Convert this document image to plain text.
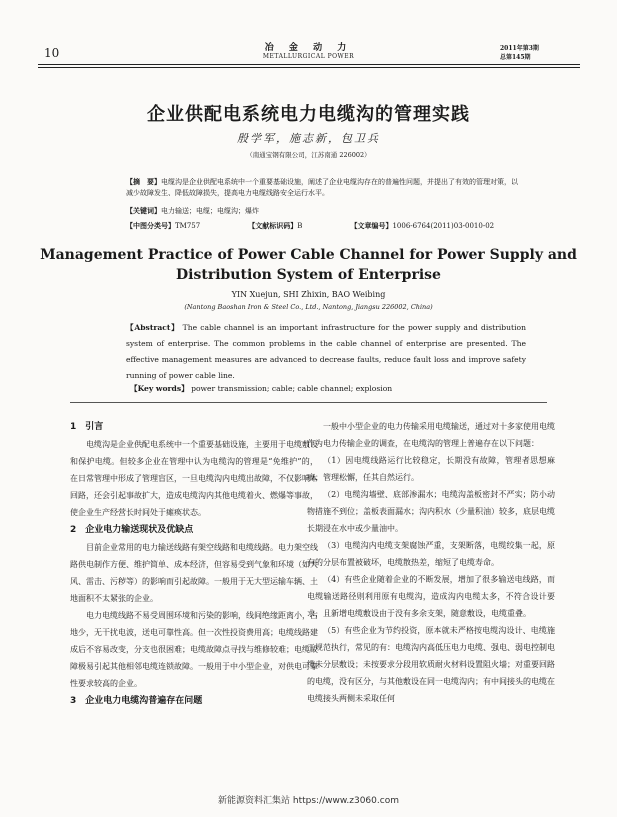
10	冶 金 动 力
METALLURGICAL POWER
2011年第3期
总第145期
企业供配电系统电力电缆沟的管理实践
殷学军，施志新，包卫兵
（南通宝钢有限公司，江苏南通 226002）
【摘　要】电缆沟是企业供配电系统中一个重要基础设施，阐述了企业电缆沟存在的普遍性问题，并提出了有效的管理对策，以减少故障发生、降低故障损失，提高电力电缆线路安全运行水平。
【关键词】电力输送；电缆；电缆沟；爆炸
【中图分类号】TM757	【文献标识码】B	【文章编号】1006-6764(2011)03-0010-02
Management Practice of Power Cable Channel for Power Supply and Distribution System of Enterprise
YIN Xuejun, SHI Zhixin, BAO Weibing
(Nantong Baoshan Iron & Steel Co., Ltd., Nantong, Jiangsu 226002, China)
【Abstract】 The cable channel is an important infrastructure for the power supply and distribution system of enterprise. The common problems in the cable channel of enterprise are presented. The effective management measures are advanced to decrease faults, reduce fault loss and improve safety running of power cable line.
【Key words】 power transmission; cable; cable channel; explosion
1　引言

电缆沟是企业供配电系统中一个重要基础设施，主要用于电缆敷设和保护电缆。但较多企业在管理中认为电缆沟的管理是“免维护”的，在日常管理中形成了管理盲区，一旦电缆沟内电缆出故障，不仅影响本回路，还会引起事故扩大，造成电缆沟内其他电缆着火、燃爆等事故，使企业生产经营长时间处于瘫痪状态。

2　企业电力输送现状及优缺点

目前企业常用的电力输送线路有架空线路和电缆线路。电力架空线路供电制作方便、维护简单、成本经济，但容易受到气象和环境（如大风、雷击、污秽等）的影响而引起故障。一般用于无大型运输车辆、土地面积不太紧张的企业。

电力电缆线路不易受周围环境和污染的影响，线间绝缘距离小，占地少，无干扰电波，送电可靠性高。但一次性投资费用高；电缆线路建成后不容易改变，分支也很困难；电缆故障点寻找与维修较难；电缆故障极易引起其他相邻电缆连锁故障。一般用于中小型企业，对供电可靠性要求较高的企业。

3　企业电力电缆沟普遍存在问题

一般中小型企业的电力传输采用电缆输送，通过对十多家使用电缆作为电力传输企业的调查，在电缆沟的管理上普遍存在以下问题：

（1）因电缆线路运行比较稳定，长期没有故障，管理者思想麻痹，管理松懈，任其自然运行。

（2）电缆沟墙壁、底部渗漏水；电缆沟盖板密封不严实；防小动物措施不到位；盖板表面漏水；沟内积水（少量积油）较多，底层电缆长期浸在水中或少量油中。

（3）电缆沟内电缆支架腐蚀严重，支架断落，电缆绞集一起，原有的分层布置被破坏，电缆散热差，缩短了电缆寿命。

（4）有些企业随着企业的不断发展，增加了很多输送电线路，而电缆输送路径则利用原有电缆沟，造成沟内电缆太多，不符合设计要求，且新增电缆敷设由于没有多余支架，随意敷设，电缆重叠。

（5）有些企业为节约投资，原本就未严格按电缆沟设计、电缆施工规范执行，常见的有：电缆沟内高低压电力电缆、强电、弱电控制电缆未分层敷设；未按要求分段用软质耐火材料设置阻火墙；对重要回路的电缆，没有区分，与其他敷设在同一电缆沟内；有中间接头的电缆在电缆接头两侧未采取任何

新能源资料汇集站 https://www.z3060.com
